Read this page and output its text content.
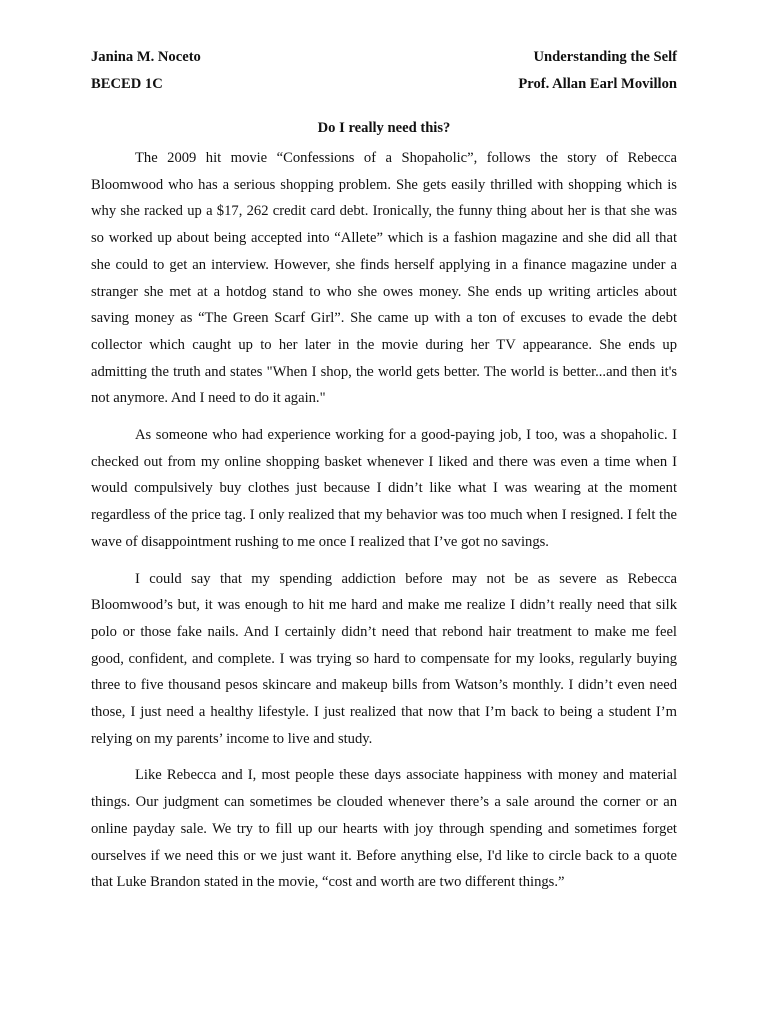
Janina M. Noceto	Understanding the Self
BECED 1C	Prof. Allan Earl Movillon
Do I really need this?

The 2009 hit movie “Confessions of a Shopaholic”, follows the story of Rebecca Bloomwood who has a serious shopping problem. She gets easily thrilled with shopping which is why she racked up a $17, 262 credit card debt. Ironically, the funny thing about her is that she was so worked up about being accepted into “Allete” which is a fashion magazine and she did all that she could to get an interview. However, she finds herself applying in a finance magazine under a stranger she met at a hotdog stand to who she owes money. She ends up writing articles about saving money as “The Green Scarf Girl”. She came up with a ton of excuses to evade the debt collector which caught up to her later in the movie during her TV appearance. She ends up admitting the truth and states "When I shop, the world gets better. The world is better...and then it's not anymore. And I need to do it again."

As someone who had experience working for a good-paying job, I too, was a shopaholic. I checked out from my online shopping basket whenever I liked and there was even a time when I would compulsively buy clothes just because I didn’t like what I was wearing at the moment regardless of the price tag. I only realized that my behavior was too much when I resigned. I felt the wave of disappointment rushing to me once I realized that I’ve got no savings.

I could say that my spending addiction before may not be as severe as Rebecca Bloomwood’s but, it was enough to hit me hard and make me realize I didn’t really need that silk polo or those fake nails. And I certainly didn’t need that rebond hair treatment to make me feel good, confident, and complete. I was trying so hard to compensate for my looks, regularly buying three to five thousand pesos skincare and makeup bills from Watson’s monthly. I didn’t even need those, I just need a healthy lifestyle. I just realized that now that I’m back to being a student I’m relying on my parents’ income to live and study.

Like Rebecca and I, most people these days associate happiness with money and material things. Our judgment can sometimes be clouded whenever there’s a sale around the corner or an online payday sale. We try to fill up our hearts with joy through spending and sometimes forget ourselves if we need this or we just want it. Before anything else, I'd like to circle back to a quote that Luke Brandon stated in the movie, “cost and worth are two different things.”
